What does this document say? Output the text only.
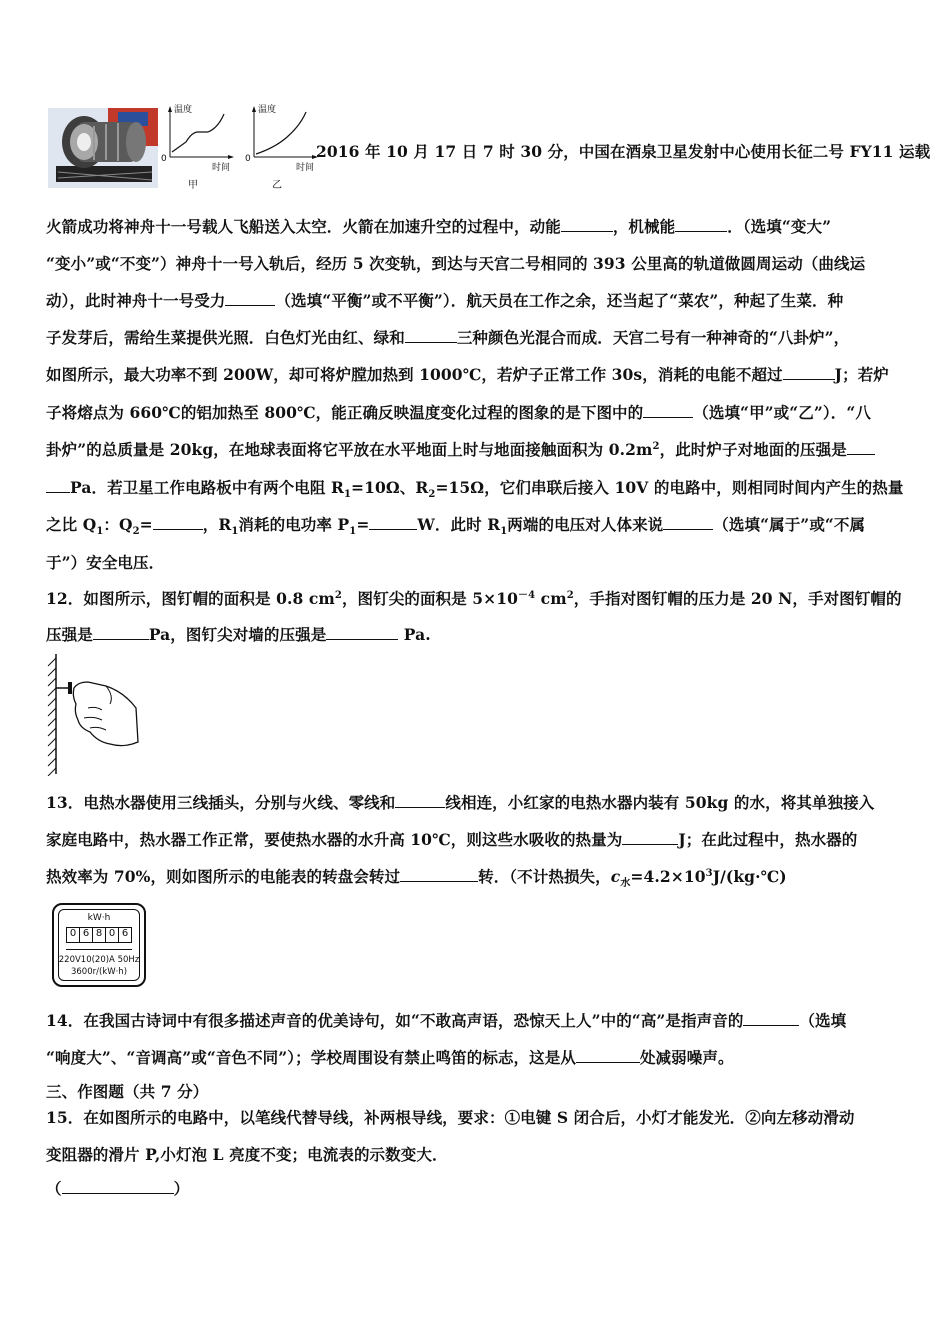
温度
0
时间
甲
温度
0
时间
乙
2016 年 10 月 17 日 7 时 30 分，中国在酒泉卫星发射中心使用长征二号 FY11 运载
火箭成功将神舟十一号载人飞船送入太空．火箭在加速升空的过程中，动能	，机械能	．（选填“变大”
“变小”或“不变”）神舟十一号入轨后，经历 5 次变轨，到达与天宫二号相同的 393 公里高的轨道做圆周运动（曲线运
动），此时神舟十一号受力	（选填“平衡”或不平衡”）．航天员在工作之余，还当起了“菜农”，种起了生菜．种
子发芽后，需给生菜提供光照．白色灯光由红、绿和	三种颜色光混合而成．天宫二号有一种神奇的“八卦炉”，
如图所示，最大功率不到 200W，却可将炉膛加热到 1000℃，若炉子正常工作 30s，消耗的电能不超过	J；若炉
子将熔点为 660℃的铝加热至 800℃，能正确反映温度变化过程的图象的是下图中的	（选填“甲”或“乙”）．“八
卦炉”的总质量是 20kg，在地球表面将它平放在水平地面上时与地面接触面积为 $0.2m^2$，此时炉子对地面的压强是
Pa．若卫星工作电路板中有两个电阻 $R_1=10\Omega$、$R_2=15\Omega$，它们串联后接入 10V 的电路中，则相同时间内产生的热量
之比 $Q_1$：$Q_2=$	，$R_1$消耗的电功率 $P_1=$	W．此时 $R_1$两端的电压对人体来说	（选填“属于”或“不属
于”）安全电压．
12．如图所示，图钉帽的面积是 0.8 $cm^2$，图钉尖的面积是 $5\times 10^{-4}$ $cm^2$，手指对图钉帽的压力是 20 N，手对图钉帽的
压强是	Pa，图钉尖对墙的压强是	Pa.
13．电热水器使用三线插头，分别与火线、零线和	线相连，小红家的电热水器内装有 50kg 的水，将其单独接入
家庭电路中，热水器工作正常，要使热水器的水升高 10℃，则这些水吸收的热量为	J；在此过程中，热水器的
热效率为 70%，则如图所示的电能表的转盘会转过	转．（不计热损失，$c_水=4.2\times 10^3J/(kg\cdot℃)$
kW·h
0 6 8 0 6
220V10(20)A 50Hz
3600r/(kW·h)
14．在我国古诗词中有很多描述声音的优美诗句，如“不敢高声语，恐惊天上人”中的“高”是指声音的	（选填
“响度大”、“音调高”或“音色不同”）；学校周围设有禁止鸣笛的标志，这是从	处减弱噪声。
三、作图题（共 7 分）
15．在如图所示的电路中，以笔线代替导线，补两根导线，要求：①电键 S 闭合后，小灯才能发光．②向左移动滑动
变阻器的滑片 P,小灯泡 L 亮度不变；电流表的示数变大．
（	）
